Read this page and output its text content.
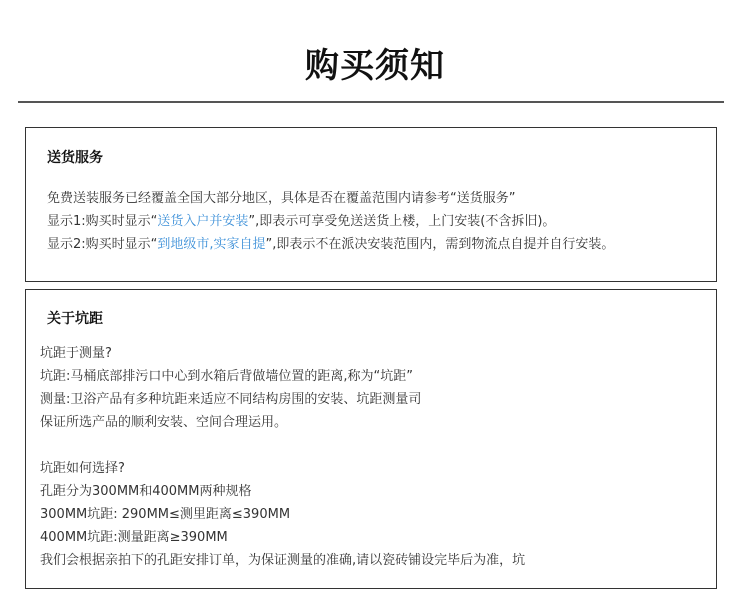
购买须知
送货服务
免费送装服务已经覆盖全国大部分地区，具体是否在覆盖范围内请参考“送货服务”
显示1:购买时显示“送货入户并安装”,即表示可享受免送送货上楼，上门安装(不含拆旧)。
显示2:购买时显示“到地级市,实家自提”,即表示不在派决安装范围内，需到物流点自提并自行安装。
关于坑距
坑距于测量?
坑距:马桶底部排污口中心到水箱后背做墙位置的距离,称为“坑距”
测量:卫浴产品有多种坑距来适应不同结构房围的安装、坑距测量司
保证所选产品的顺利安装、空间合理运用。
坑距如何选择?
孔距分为300MM和400MM两种规格
300MM坑距: 290MM≤测里距离≤390MM
400MM坑距:测量距离≥390MM
我们会根据亲拍下的孔距安排订单，为保证测量的准确,请以瓷砖铺设完毕后为准，坑
